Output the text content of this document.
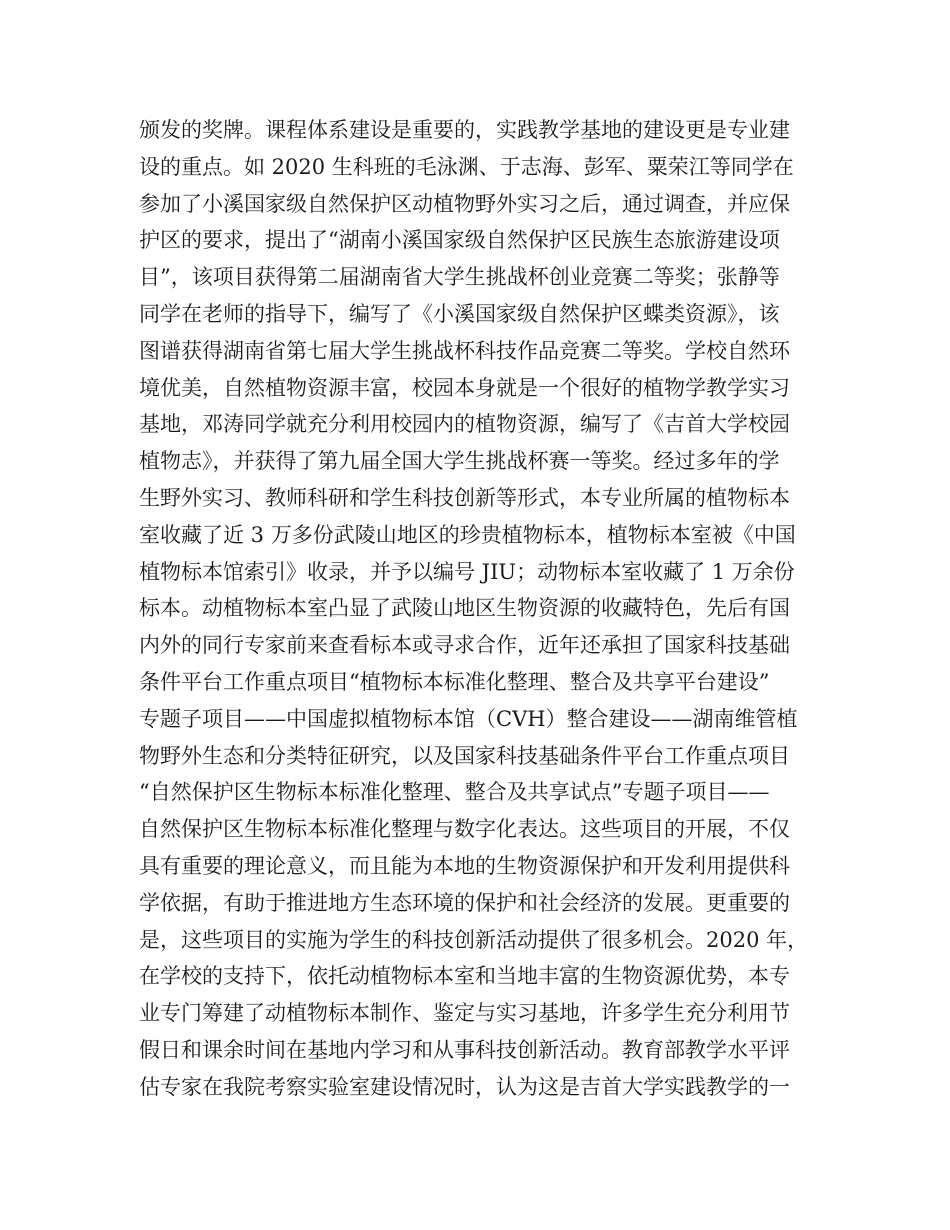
颁发的奖牌。课程体系建设是重要的，实践教学基地的建设更是专业建
设的重点。如 2020 生科班的毛泳渊、于志海、彭军、粟荣江等同学在
参加了小溪国家级自然保护区动植物野外实习之后，通过调查，并应保
护区的要求，提出了“湖南小溪国家级自然保护区民族生态旅游建设项
目”，该项目获得第二届湖南省大学生挑战杯创业竞赛二等奖；张静等
同学在老师的指导下，编写了《小溪国家级自然保护区蝶类资源》，该
图谱获得湖南省第七届大学生挑战杯科技作品竞赛二等奖。学校自然环
境优美，自然植物资源丰富，校园本身就是一个很好的植物学教学实习
基地，邓涛同学就充分利用校园内的植物资源，编写了《吉首大学校园
植物志》，并获得了第九届全国大学生挑战杯赛一等奖。经过多年的学
生野外实习、教师科研和学生科技创新等形式，本专业所属的植物标本
室收藏了近 3 万多份武陵山地区的珍贵植物标本，植物标本室被《中国
植物标本馆索引》收录，并予以编号 JIU；动物标本室收藏了 1 万余份
标本。动植物标本室凸显了武陵山地区生物资源的收藏特色，先后有国
内外的同行专家前来查看标本或寻求合作，近年还承担了国家科技基础
条件平台工作重点项目“植物标本标准化整理、整合及共享平台建设”
专题子项目——中国虚拟植物标本馆（CVH）整合建设——湖南维管植
物野外生态和分类特征研究，以及国家科技基础条件平台工作重点项目
“自然保护区生物标本标准化整理、整合及共享试点”专题子项目——
自然保护区生物标本标准化整理与数字化表达。这些项目的开展，不仅
具有重要的理论意义，而且能为本地的生物资源保护和开发利用提供科
学依据，有助于推进地方生态环境的保护和社会经济的发展。更重要的
是，这些项目的实施为学生的科技创新活动提供了很多机会。2020 年，
在学校的支持下，依托动植物标本室和当地丰富的生物资源优势，本专
业专门筹建了动植物标本制作、鉴定与实习基地，许多学生充分利用节
假日和课余时间在基地内学习和从事科技创新活动。教育部教学水平评
估专家在我院考察实验室建设情况时，认为这是吉首大学实践教学的一
